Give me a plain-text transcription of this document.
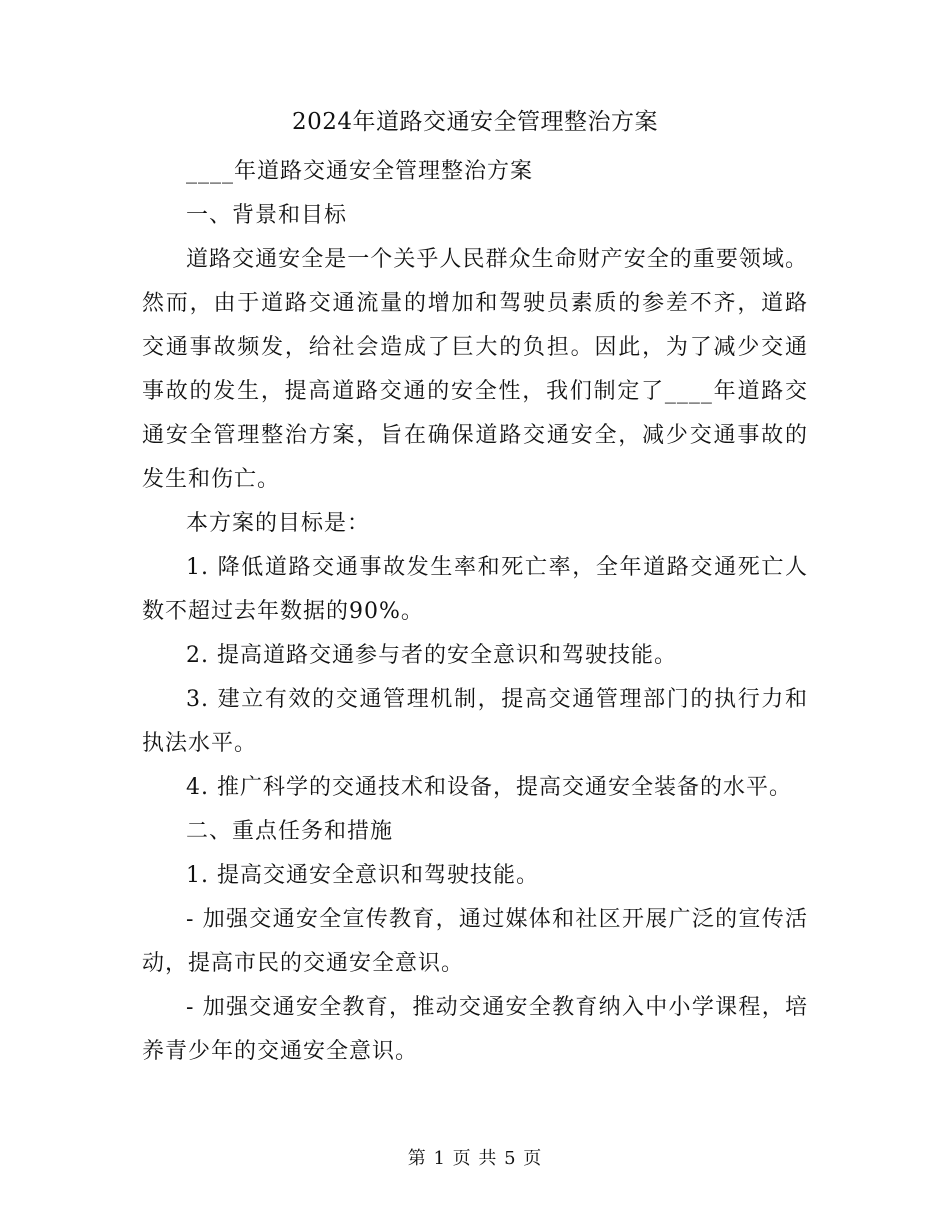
2024年道路交通安全管理整治方案

____年道路交通安全管理整治方案

一、背景和目标

道路交通安全是一个关乎人民群众生命财产安全的重要领域。然而，由于道路交通流量的增加和驾驶员素质的参差不齐，道路交通事故频发，给社会造成了巨大的负担。因此，为了减少交通事故的发生，提高道路交通的安全性，我们制定了____年道路交通安全管理整治方案，旨在确保道路交通安全，减少交通事故的发生和伤亡。

本方案的目标是：

1. 降低道路交通事故发生率和死亡率，全年道路交通死亡人数不超过去年数据的90%。

2. 提高道路交通参与者的安全意识和驾驶技能。

3. 建立有效的交通管理机制，提高交通管理部门的执行力和执法水平。

4. 推广科学的交通技术和设备，提高交通安全装备的水平。

二、重点任务和措施

1. 提高交通安全意识和驾驶技能。

- 加强交通安全宣传教育，通过媒体和社区开展广泛的宣传活动，提高市民的交通安全意识。

- 加强交通安全教育，推动交通安全教育纳入中小学课程，培养青少年的交通安全意识。

第 1 页 共 5 页
